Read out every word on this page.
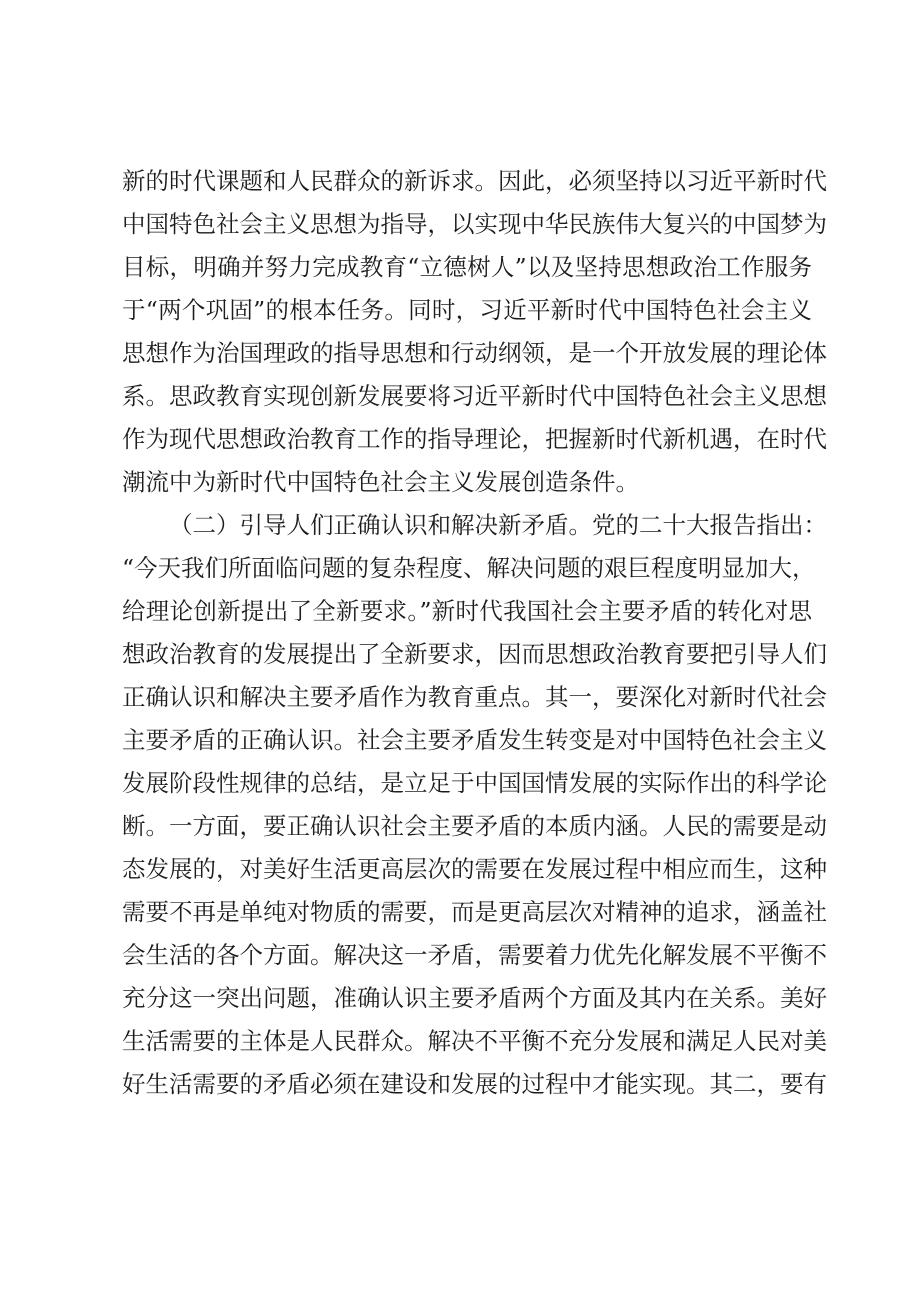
新的时代课题和人民群众的新诉求。因此，必须坚持以习近平新时代
中国特色社会主义思想为指导，以实现中华民族伟大复兴的中国梦为
目标，明确并努力完成教育“立德树人”以及坚持思想政治工作服务
于“两个巩固”的根本任务。同时，习近平新时代中国特色社会主义
思想作为治国理政的指导思想和行动纲领，是一个开放发展的理论体
系。思政教育实现创新发展要将习近平新时代中国特色社会主义思想
作为现代思想政治教育工作的指导理论，把握新时代新机遇，在时代
潮流中为新时代中国特色社会主义发展创造条件。
（二）引导人们正确认识和解决新矛盾。党的二十大报告指出：
“今天我们所面临问题的复杂程度、解决问题的艰巨程度明显加大，
给理论创新提出了全新要求。”新时代我国社会主要矛盾的转化对思
想政治教育的发展提出了全新要求，因而思想政治教育要把引导人们
正确认识和解决主要矛盾作为教育重点。其一，要深化对新时代社会
主要矛盾的正确认识。社会主要矛盾发生转变是对中国特色社会主义
发展阶段性规律的总结，是立足于中国国情发展的实际作出的科学论
断。一方面，要正确认识社会主要矛盾的本质内涵。人民的需要是动
态发展的，对美好生活更高层次的需要在发展过程中相应而生，这种
需要不再是单纯对物质的需要，而是更高层次对精神的追求，涵盖社
会生活的各个方面。解决这一矛盾，需要着力优先化解发展不平衡不
充分这一突出问题，准确认识主要矛盾两个方面及其内在关系。美好
生活需要的主体是人民群众。解决不平衡不充分发展和满足人民对美
好生活需要的矛盾必须在建设和发展的过程中才能实现。其二，要有
